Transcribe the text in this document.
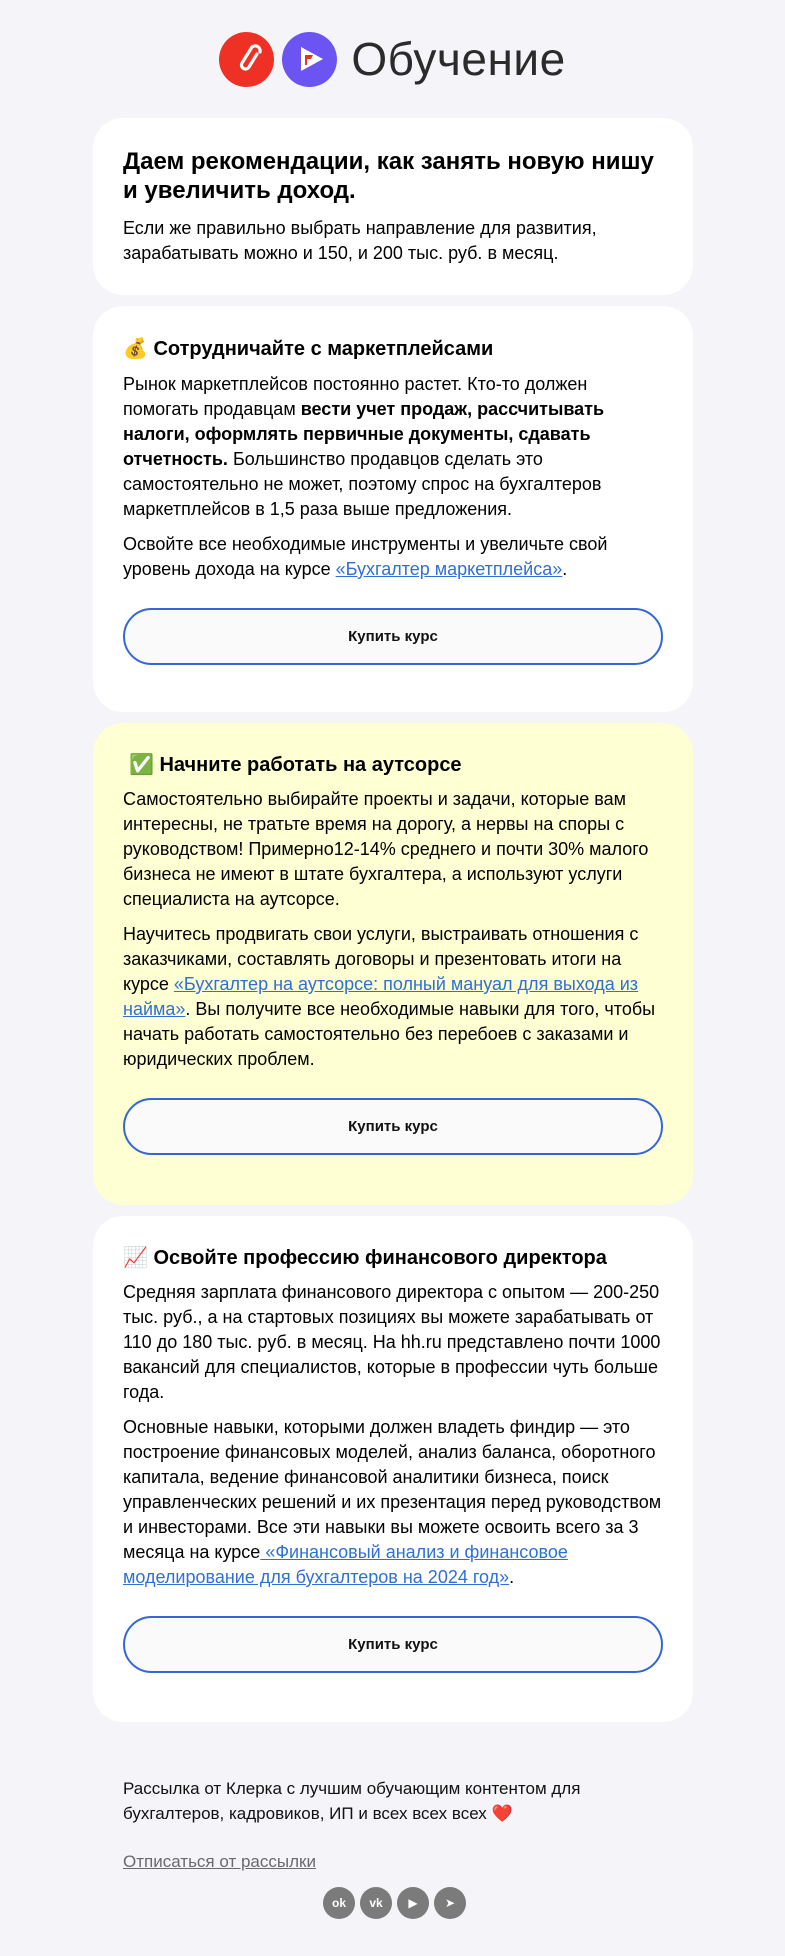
Обучение
Даем рекомендации, как занять новую нишу и увеличить доход.

Если же правильно выбрать направление для развития, зарабатывать можно и 150, и 200 тыс. руб. в месяц.

💰 Сотрудничайте с маркетплейсами

Рынок маркетплейсов постоянно растет. Кто-то должен помогать продавцам вести учет продаж, рассчитывать налоги, оформлять первичные документы, сдавать отчетность. Большинство продавцов сделать это самостоятельно не может, поэтому спрос на бухгалтеров маркетплейсов в 1,5 раза выше предложения.

Освойте все необходимые инструменты и увеличьте свой уровень дохода на курсе «Бухгалтер маркетплейса».

Купить курс
✅ Начните работать на аутсорсе

Самостоятельно выбирайте проекты и задачи, которые вам интересны, не тратьте время на дорогу, а нервы на споры с руководством! Примерно12-14% среднего и почти 30% малого бизнеса не имеют в штате бухгалтера, а используют услуги специалиста на аутсорсе.

Научитесь продвигать свои услуги, выстраивать отношения с заказчиками, составлять договоры и презентовать итоги на курсе «Бухгалтер на аутсорсе: полный мануал для выхода из найма». Вы получите все необходимые навыки для того, чтобы начать работать самостоятельно без перебоев с заказами и юридических проблем.

Купить курс
📈 Освойте профессию финансового директора

Средняя зарплата финансового директора с опытом — 200-250 тыс. руб., а на стартовых позициях вы можете зарабатывать от 110 до 180 тыс. руб. в месяц. На hh.ru представлено почти 1000 вакансий для специалистов, которые в профессии чуть больше года.

Основные навыки, которыми должен владеть финдир — это построение финансовых моделей, анализ баланса, оборотного капитала, ведение финансовой аналитики бизнеса, поиск управленческих решений и их презентация перед руководством и инвесторами. Все эти навыки вы можете освоить всего за 3 месяца на курсе «Финансовый анализ и финансовое моделирование для бухгалтеров на 2024 год».

Купить курс
Рассылка от Клерка с лучшим обучающим контентом для бухгалтеров, кадровиков, ИП и всех всех всех ❤️
Отписаться от рассылки
ok	vk	▶	➤
